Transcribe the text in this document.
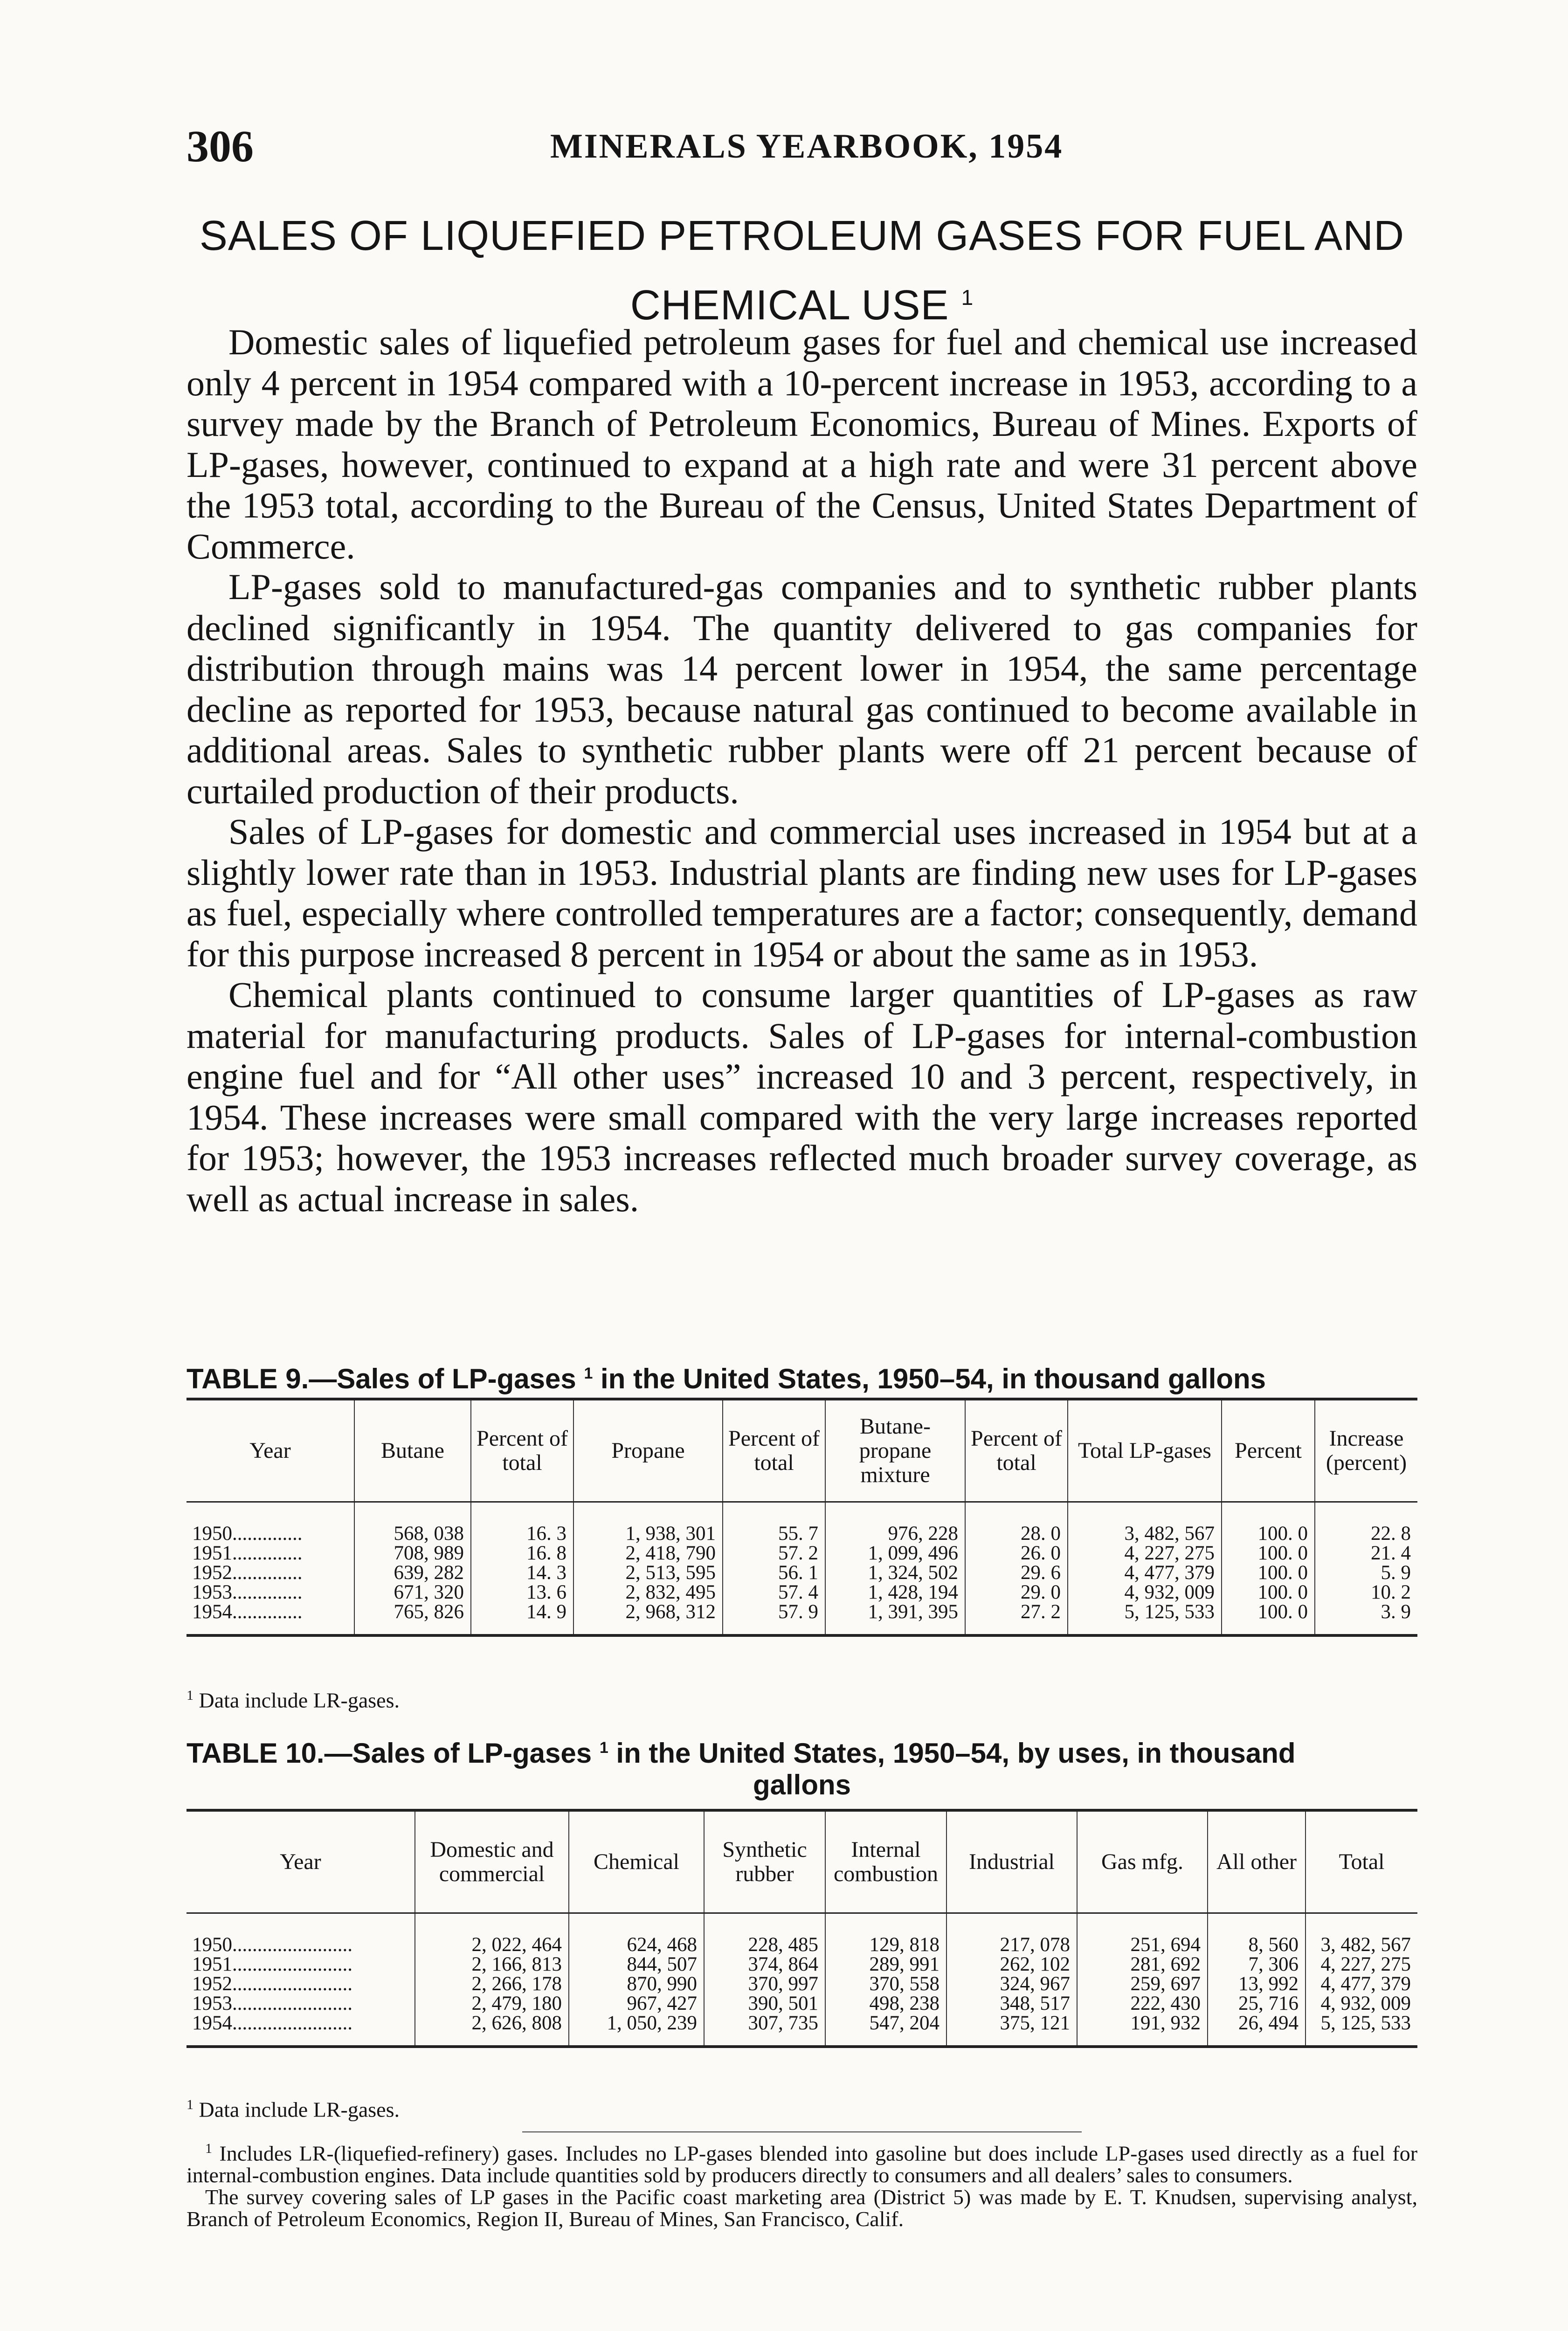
306	MINERALS YEARBOOK, 1954
SALES OF LIQUEFIED PETROLEUM GASES FOR FUEL AND
CHEMICAL USE $^1$

Domestic sales of liquefied petroleum gases for fuel and chemical use increased only 4 percent in 1954 compared with a 10-percent increase in 1953, according to a survey made by the Branch of Petroleum Economics, Bureau of Mines. Exports of LP-gases, however, continued to expand at a high rate and were 31 percent above the 1953 total, according to the Bureau of the Census, United States Department of Commerce.

LP-gases sold to manufactured-gas companies and to synthetic rubber plants declined significantly in 1954. The quantity delivered to gas companies for distribution through mains was 14 percent lower in 1954, the same percentage decline as reported for 1953, because natural gas continued to become available in additional areas. Sales to synthetic rubber plants were off 21 percent because of curtailed production of their products.

Sales of LP-gases for domestic and commercial uses increased in 1954 but at a slightly lower rate than in 1953. Industrial plants are finding new uses for LP-gases as fuel, especially where controlled temperatures are a factor; consequently, demand for this purpose increased 8 percent in 1954 or about the same as in 1953.

Chemical plants continued to consume larger quantities of LP-gases as raw material for manufacturing products. Sales of LP-gases for internal-combustion engine fuel and for “All other uses” increased 10 and 3 percent, respectively, in 1954. These increases were small compared with the very large increases reported for 1953; however, the 1953 increases reflected much broader survey coverage, as well as actual increase in sales.

TABLE 9.—Sales of LP-gases $^1$ in the United States, 1950–54, in thousand gallons
Year	Butane	Percent of total	Propane	Percent of total	Butane-propane mixture	Percent of total	Total LP-gases	Percent	Increase (percent)
1950..............	568, 038	16. 3	1, 938, 301	55. 7	976, 228	28. 0	3, 482, 567	100. 0	22. 8
1951..............	708, 989	16. 8	2, 418, 790	57. 2	1, 099, 496	26. 0	4, 227, 275	100. 0	21. 4
1952..............	639, 282	14. 3	2, 513, 595	56. 1	1, 324, 502	29. 6	4, 477, 379	100. 0	5. 9
1953..............	671, 320	13. 6	2, 832, 495	57. 4	1, 428, 194	29. 0	4, 932, 009	100. 0	10. 2
1954..............	765, 826	14. 9	2, 968, 312	57. 9	1, 391, 395	27. 2	5, 125, 533	100. 0	3. 9
$^1$ Data include LR-gases.
TABLE 10.—Sales of LP-gases $^1$ in the United States, 1950–54, by uses, in thousand
gallons
Year	Domestic and commercial	Chemical	Synthetic rubber	Internal combustion	Industrial	Gas mfg.	All other	Total
1950........................	2, 022, 464	624, 468	228, 485	129, 818	217, 078	251, 694	8, 560	3, 482, 567
1951........................	2, 166, 813	844, 507	374, 864	289, 991	262, 102	281, 692	7, 306	4, 227, 275
1952........................	2, 266, 178	870, 990	370, 997	370, 558	324, 967	259, 697	13, 992	4, 477, 379
1953........................	2, 479, 180	967, 427	390, 501	498, 238	348, 517	222, 430	25, 716	4, 932, 009
1954........................	2, 626, 808	1, 050, 239	307, 735	547, 204	375, 121	191, 932	26, 494	5, 125, 533
$^1$ Data include LR-gases.

$^1$ Includes LR-(liquefied-refinery) gases. Includes no LP-gases blended into gasoline but does include LP-gases used directly as a fuel for internal-combustion engines. Data include quantities sold by producers directly to consumers and all dealers’ sales to consumers.

The survey covering sales of LP gases in the Pacific coast marketing area (District 5) was made by E. T. Knudsen, supervising analyst, Branch of Petroleum Economics, Region II, Bureau of Mines, San Francisco, Calif.
